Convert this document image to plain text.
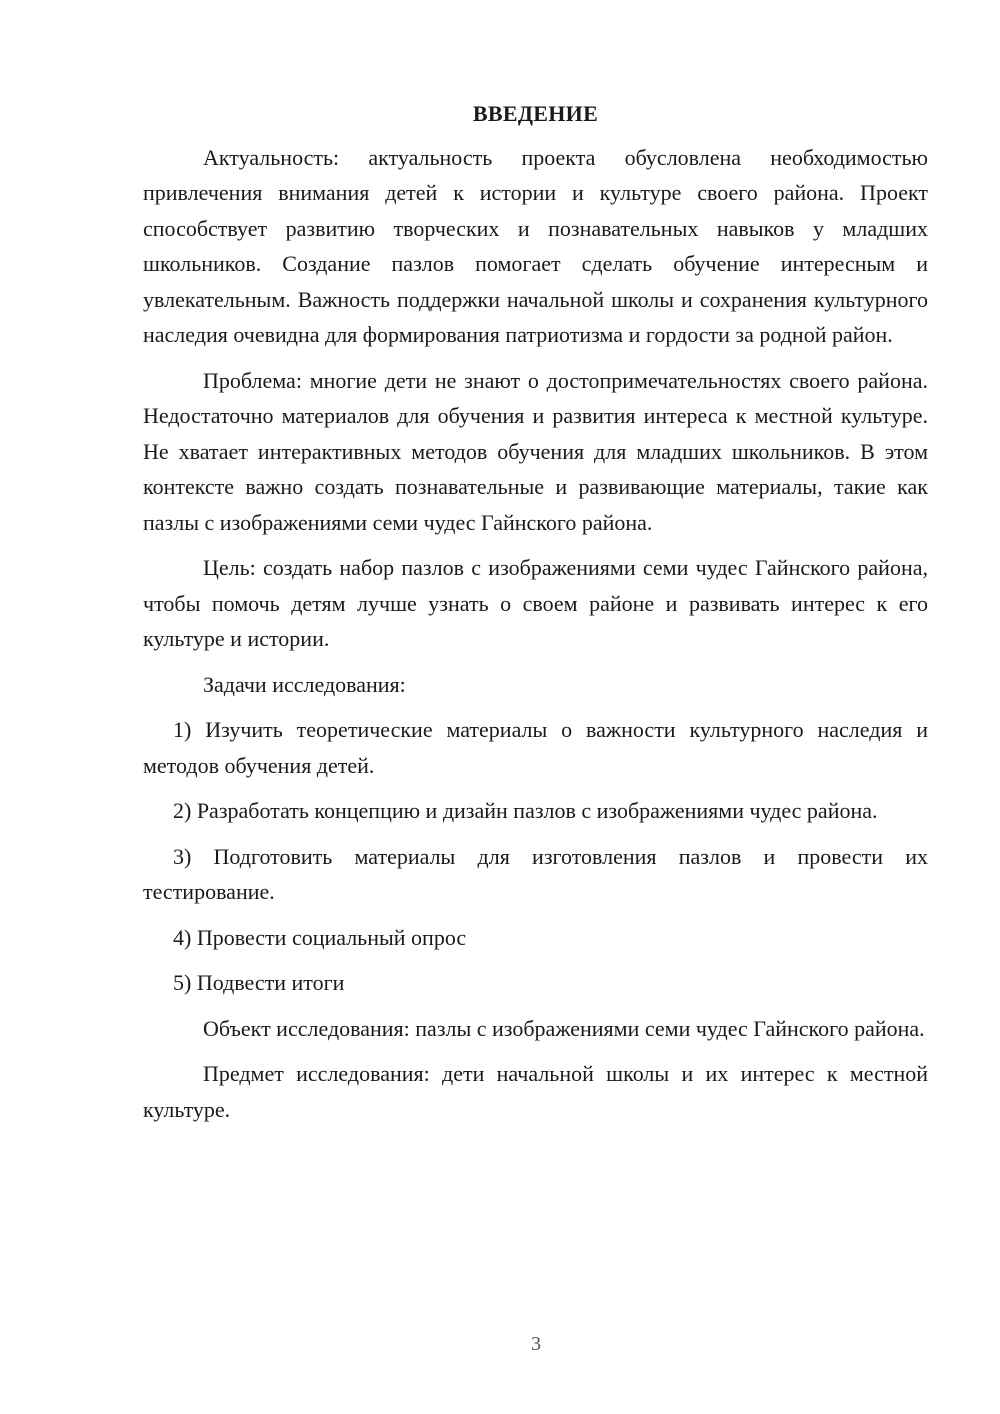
ВВЕДЕНИЕ

Актуальность: актуальность проекта обусловлена необходимостью привлечения внимания детей к истории и культуре своего района. Проект способствует развитию творческих и познавательных навыков у младших школьников. Создание пазлов помогает сделать обучение интересным и увлекательным. Важность поддержки начальной школы и сохранения культурного наследия очевидна для формирования патриотизма и гордости за родной район.

Проблема: многие дети не знают о достопримечательностях своего района. Недостаточно материалов для обучения и развития интереса к местной культуре. Не хватает интерактивных методов обучения для младших школьников. В этом контексте важно создать познавательные и развивающие материалы, такие как пазлы с изображениями семи чудес Гайнского района.

Цель: создать набор пазлов с изображениями семи чудес Гайнского района, чтобы помочь детям лучше узнать о своем районе и развивать интерес к его культуре и истории.

Задачи исследования:

1) Изучить теоретические материалы о важности культурного наследия и методов обучения детей.

2) Разработать концепцию и дизайн пазлов с изображениями чудес района.

3) Подготовить материалы для изготовления пазлов и провести их тестирование.

4) Провести социальный опрос

5) Подвести итоги

Объект исследования: пазлы с изображениями семи чудес Гайнского района.

Предмет исследования: дети начальной школы и их интерес к местной культуре.

3
